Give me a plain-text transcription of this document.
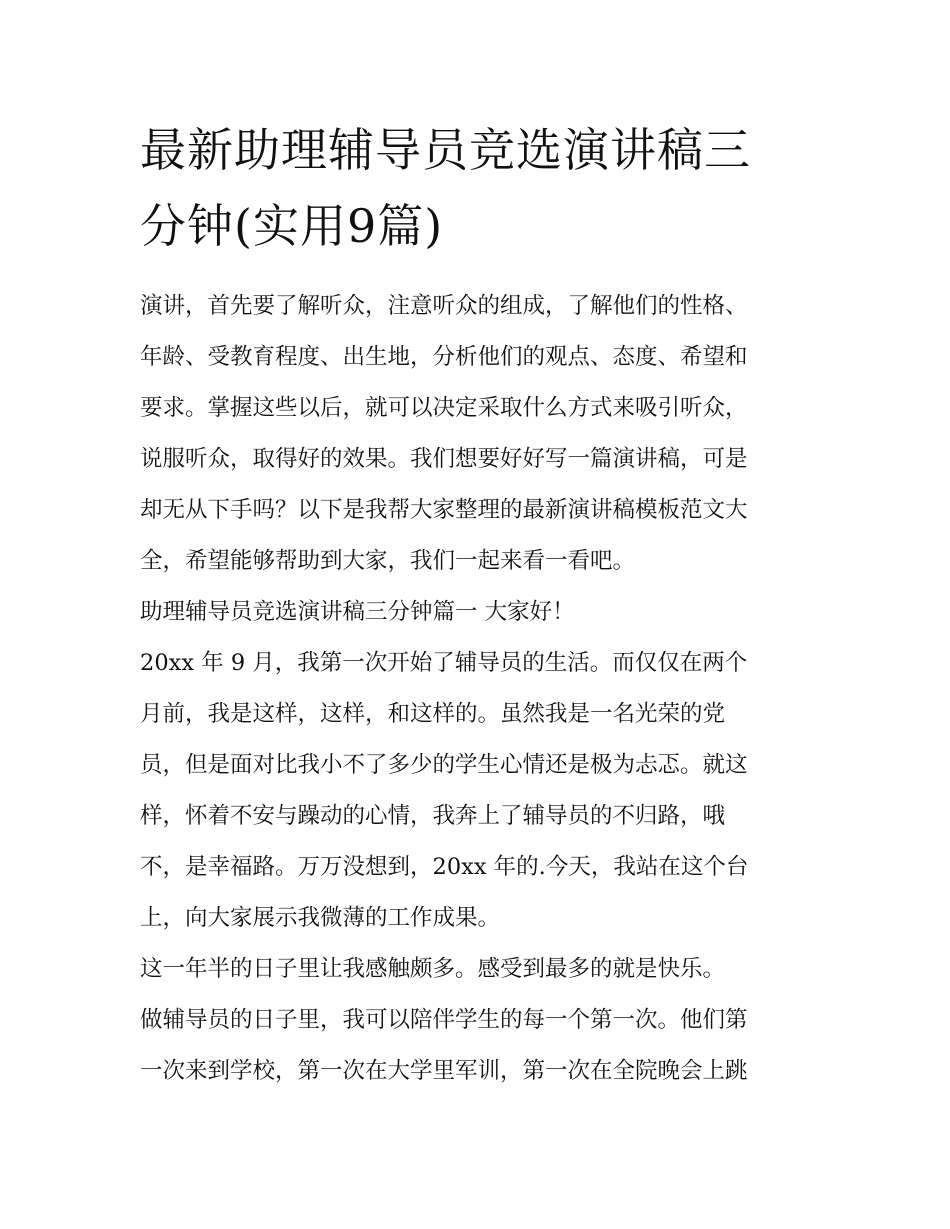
最新助理辅导员竞选演讲稿三
分钟(实用9篇)

演讲，首先要了解听众，注意听众的组成，了解他们的性格、
年龄、受教育程度、出生地，分析他们的观点、态度、希望和
要求。掌握这些以后，就可以决定采取什么方式来吸引听众，
说服听众，取得好的效果。我们想要好好写一篇演讲稿，可是
却无从下手吗？以下是我帮大家整理的最新演讲稿模板范文大
全，希望能够帮助到大家，我们一起来看一看吧。

助理辅导员竞选演讲稿三分钟篇一 大家好！

20xx 年 9 月，我第一次开始了辅导员的生活。而仅仅在两个
月前，我是这样，这样，和这样的。虽然我是一名光荣的党
员，但是面对比我小不了多少的学生心情还是极为忐忑。就这
样，怀着不安与躁动的心情，我奔上了辅导员的不归路，哦
不，是幸福路。万万没想到，20xx 年的.今天，我站在这个台
上，向大家展示我微薄的工作成果。

这一年半的日子里让我感触颇多。感受到最多的就是快乐。

做辅导员的日子里，我可以陪伴学生的每一个第一次。他们第
一次来到学校，第一次在大学里军训，第一次在全院晚会上跳
